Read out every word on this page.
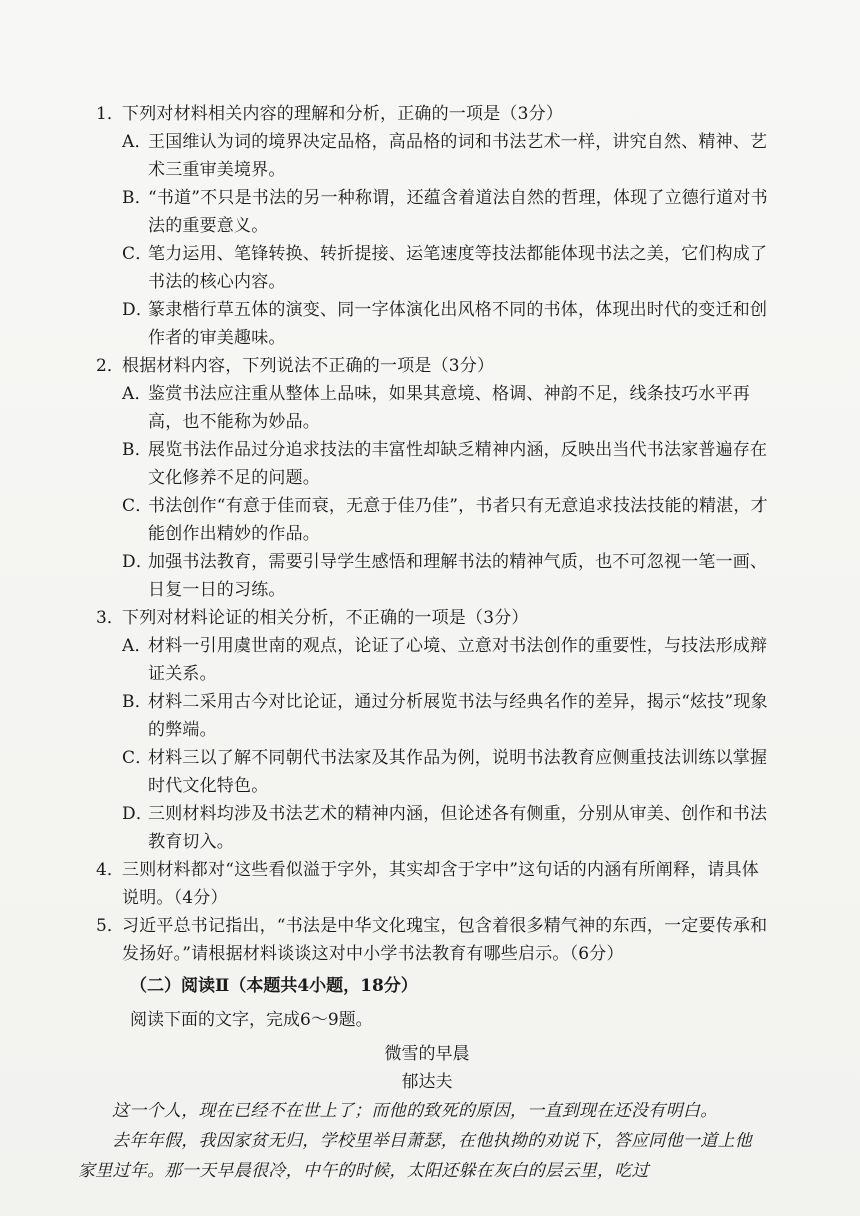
1．
下列对材料相关内容的理解和分析，正确的一项是（3分）
A．
王国维认为词的境界决定品格，高品格的词和书法艺术一样，讲究自然、精神、艺术三重审美境界。
B．
“书道”不只是书法的另一种称谓，还蕴含着道法自然的哲理，体现了立德行道对书法的重要意义。
C．
笔力运用、笔锋转换、转折提接、运笔速度等技法都能体现书法之美，它们构成了书法的核心内容。
D．
篆隶楷行草五体的演变、同一字体演化出风格不同的书体，体现出时代的变迁和创作者的审美趣味。
2．
根据材料内容，下列说法不正确的一项是（3分）
A．
鉴赏书法应注重从整体上品味，如果其意境、格调、神韵不足，线条技巧水平再高，也不能称为妙品。
B．
展览书法作品过分追求技法的丰富性却缺乏精神内涵，反映出当代书法家普遍存在文化修养不足的问题。
C．
书法创作“有意于佳而衰，无意于佳乃佳”，书者只有无意追求技法技能的精湛，才能创作出精妙的作品。
D．
加强书法教育，需要引导学生感悟和理解书法的精神气质，也不可忽视一笔一画、日复一日的习练。
3．
下列对材料论证的相关分析，不正确的一项是（3分）
A．
材料一引用虞世南的观点，论证了心境、立意对书法创作的重要性，与技法形成辩证关系。
B．
材料二采用古今对比论证，通过分析展览书法与经典名作的差异，揭示“炫技”现象的弊端。
C．
材料三以了解不同朝代书法家及其作品为例，说明书法教育应侧重技法训练以掌握时代文化特色。
D．
三则材料均涉及书法艺术的精神内涵，但论述各有侧重，分别从审美、创作和书法教育切入。
4．
三则材料都对“这些看似溢于字外，其实却含于字中”这句话的内涵有所阐释，请具体说明。（4分）
5．
习近平总书记指出，“书法是中华文化瑰宝，包含着很多精气神的东西，一定要传承和发扬好。”请根据材料谈谈这对中小学书法教育有哪些启示。（6分）
（二）阅读Ⅱ（本题共4小题，18分）
阅读下面的文字，完成6～9题。
微雪的早晨
郁达夫
这一个人，现在已经不在世上了；而他的致死的原因，一直到现在还没有明白。
去年年假，我因家贫无归，学校里举目萧瑟，在他执拗的劝说下，答应同他一道上他家里过年。那一天早晨很冷，中午的时候，太阳还躲在灰白的层云里，吃过
